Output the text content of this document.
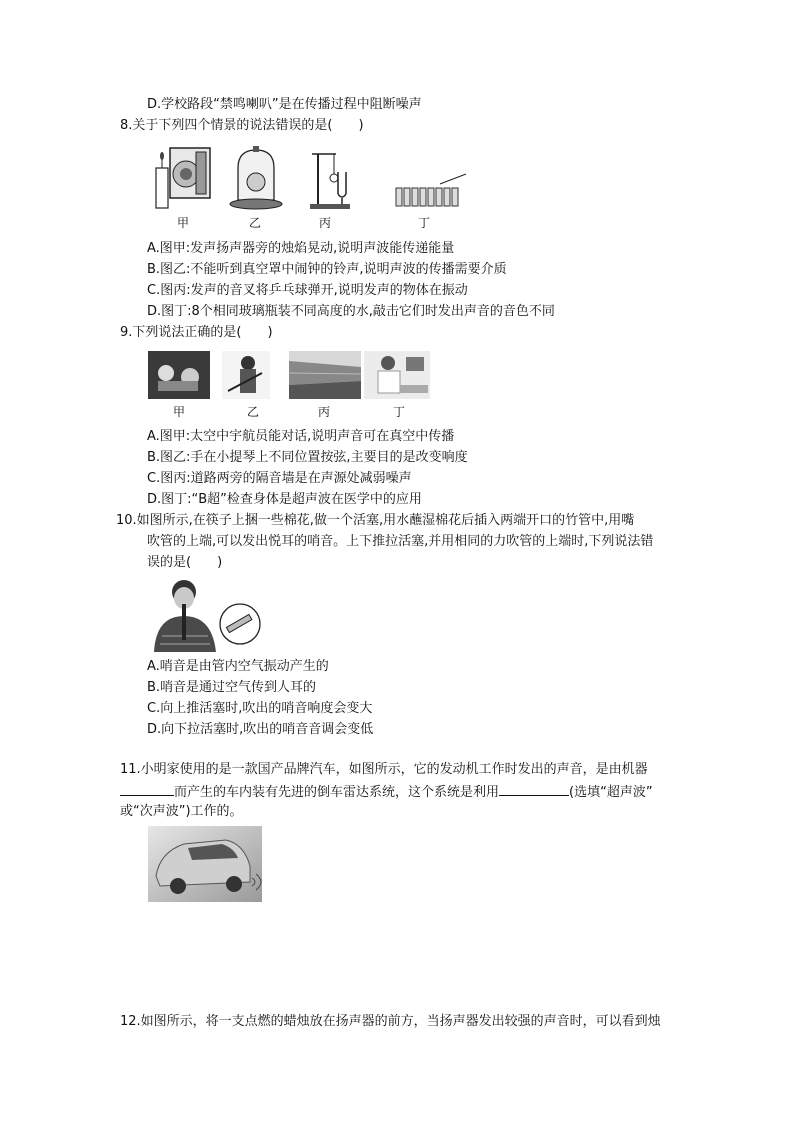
D.学校路段“禁鸣喇叭”是在传播过程中阻断噪声
8.关于下列四个情景的说法错误的是(　　)
甲	乙	丙	丁
A.图甲:发声扬声器旁的烛焰晃动,说明声波能传递能量
B.图乙:不能听到真空罩中闹钟的铃声,说明声波的传播需要介质
C.图丙:发声的音叉将乒乓球弹开,说明发声的物体在振动
D.图丁:8个相同玻璃瓶装不同高度的水,敲击它们时发出声音的音色不同
9.下列说法正确的是(　　)
甲	乙	丙	丁
A.图甲:太空中宇航员能对话,说明声音可在真空中传播
B.图乙:手在小提琴上不同位置按弦,主要目的是改变响度
C.图丙:道路两旁的隔音墙是在声源处减弱噪声
D.图丁:“B超”检查身体是超声波在医学中的应用
10.如图所示,在筷子上捆一些棉花,做一个活塞,用水蘸湿棉花后插入两端开口的竹管中,用嘴
吹管的上端,可以发出悦耳的哨音。上下推拉活塞,并用相同的力吹管的上端时,下列说法错
误的是(　　)
A.哨音是由管内空气振动产生的
B.哨音是通过空气传到人耳的
C.向上推活塞时,吹出的哨音响度会变大
D.向下拉活塞时,吹出的哨音音调会变低
11.小明家使用的是一款国产品牌汽车，如图所示，它的发动机工作时发出的声音，是由机器
而产生的车内装有先进的倒车雷达系统，这个系统是利用	(选填“超声波”
或“次声波”)工作的。
12.如图所示，将一支点燃的蜡烛放在扬声器的前方，当扬声器发出较强的声音时，可以看到烛
